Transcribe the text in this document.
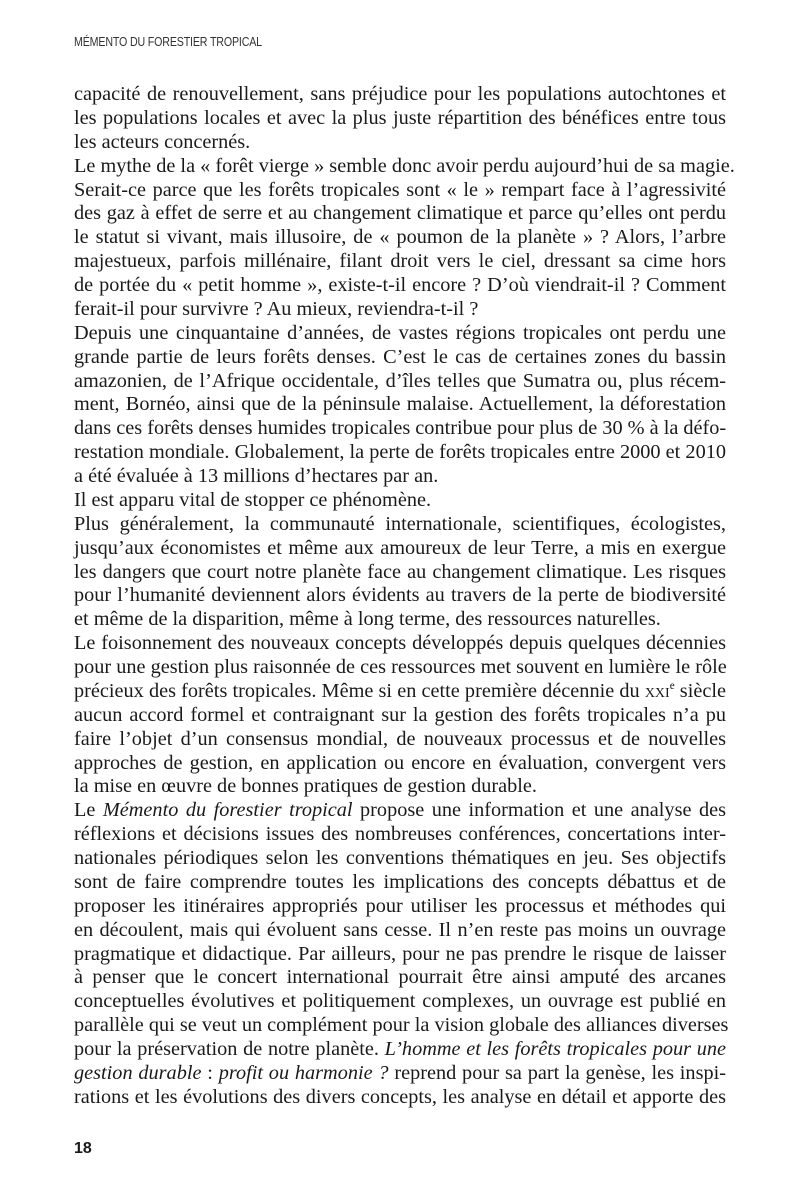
MÉMENTO DU FORESTIER TROPICAL
capacité de renouvellement, sans préjudice pour les populations autochtones et
les populations locales et avec la plus juste répartition des bénéfices entre tous
les acteurs concernés.
Le mythe de la « forêt vierge » semble donc avoir perdu aujourd’hui de sa magie.
Serait-ce parce que les forêts tropicales sont « le » rempart face à l’agressivité
des gaz à effet de serre et au changement climatique et parce qu’elles ont perdu
le statut si vivant, mais illusoire, de « poumon de la planète » ? Alors, l’arbre
majestueux, parfois millénaire, filant droit vers le ciel, dressant sa cime hors
de portée du « petit homme », existe-t-il encore ? D’où viendrait-il ? Comment
ferait-il pour survivre ? Au mieux, reviendra-t-il ?
Depuis une cinquantaine d’années, de vastes régions tropicales ont perdu une
grande partie de leurs forêts denses. C’est le cas de certaines zones du bassin
amazonien, de l’Afrique occidentale, d’îles telles que Sumatra ou, plus récem-
ment, Bornéo, ainsi que de la péninsule malaise. Actuellement, la déforestation
dans ces forêts denses humides tropicales contribue pour plus de 30 % à la défo-
restation mondiale. Globalement, la perte de forêts tropicales entre 2000 et 2010
a été évaluée à 13 millions d’hectares par an.
Il est apparu vital de stopper ce phénomène.
Plus généralement, la communauté internationale, scientifiques, écologistes,
jusqu’aux économistes et même aux amoureux de leur Terre, a mis en exergue
les dangers que court notre planète face au changement climatique. Les risques
pour l’humanité deviennent alors évidents au travers de la perte de biodiversité
et même de la disparition, même à long terme, des ressources naturelles.
Le foisonnement des nouveaux concepts développés depuis quelques décennies
pour une gestion plus raisonnée de ces ressources met souvent en lumière le rôle
précieux des forêts tropicales. Même si en cette première décennie du xxi$^e$ siècle
aucun accord formel et contraignant sur la gestion des forêts tropicales n’a pu
faire l’objet d’un consensus mondial, de nouveaux processus et de nouvelles
approches de gestion, en application ou encore en évaluation, convergent vers
la mise en œuvre de bonnes pratiques de gestion durable.
Le Mémento du forestier tropical propose une information et une analyse des
réflexions et décisions issues des nombreuses conférences, concertations inter-
nationales périodiques selon les conventions thématiques en jeu. Ses objectifs
sont de faire comprendre toutes les implications des concepts débattus et de
proposer les itinéraires appropriés pour utiliser les processus et méthodes qui
en découlent, mais qui évoluent sans cesse. Il n’en reste pas moins un ouvrage
pragmatique et didactique. Par ailleurs, pour ne pas prendre le risque de laisser
à penser que le concert international pourrait être ainsi amputé des arcanes
conceptuelles évolutives et politiquement complexes, un ouvrage est publié en
parallèle qui se veut un complément pour la vision globale des alliances diverses
pour la préservation de notre planète. L’homme et les forêts tropicales pour une
gestion durable : profit ou harmonie ? reprend pour sa part la genèse, les inspi-
rations et les évolutions des divers concepts, les analyse en détail et apporte des
18
